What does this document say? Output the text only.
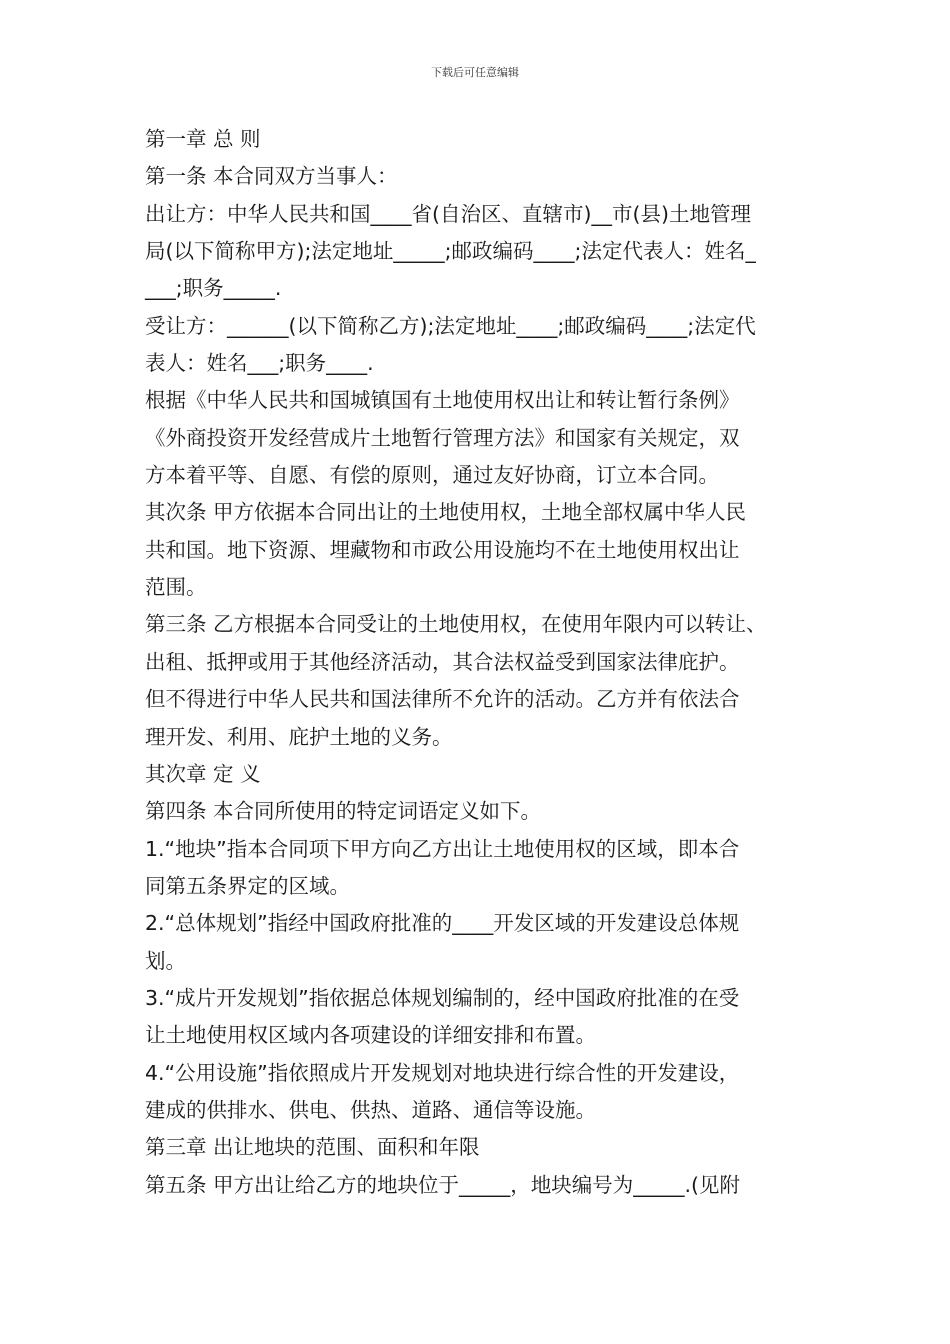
下载后可任意编辑
第一章 总 则
第一条 本合同双方当事人：
出让方：中华人民共和国____省(自治区、直辖市)__市(县)土地管理
局(以下简称甲方);法定地址_____;邮政编码____;法定代表人：姓名_
___;职务_____.
受让方：______(以下简称乙方);法定地址____;邮政编码____;法定代
表人：姓名___;职务____.
根据《中华人民共和国城镇国有土地使用权出让和转让暂行条例》
《外商投资开发经营成片土地暂行管理方法》和国家有关规定，双
方本着平等、自愿、有偿的原则，通过友好协商，订立本合同。
其次条 甲方依据本合同出让的土地使用权，土地全部权属中华人民
共和国。地下资源、埋藏物和市政公用设施均不在土地使用权出让
范围。
第三条 乙方根据本合同受让的土地使用权，在使用年限内可以转让、
出租、抵押或用于其他经济活动，其合法权益受到国家法律庇护。
但不得进行中华人民共和国法律所不允许的活动。乙方并有依法合
理开发、利用、庇护土地的义务。
其次章 定 义
第四条 本合同所使用的特定词语定义如下。
1.“地块”指本合同项下甲方向乙方出让土地使用权的区域，即本合
同第五条界定的区域。
2.“总体规划”指经中国政府批准的____开发区域的开发建设总体规
划。
3.“成片开发规划”指依据总体规划编制的，经中国政府批准的在受
让土地使用权区域内各项建设的详细安排和布置。
4.“公用设施”指依照成片开发规划对地块进行综合性的开发建设，
建成的供排水、供电、供热、道路、通信等设施。
第三章 出让地块的范围、面积和年限
第五条 甲方出让给乙方的地块位于_____，地块编号为_____.(见附
